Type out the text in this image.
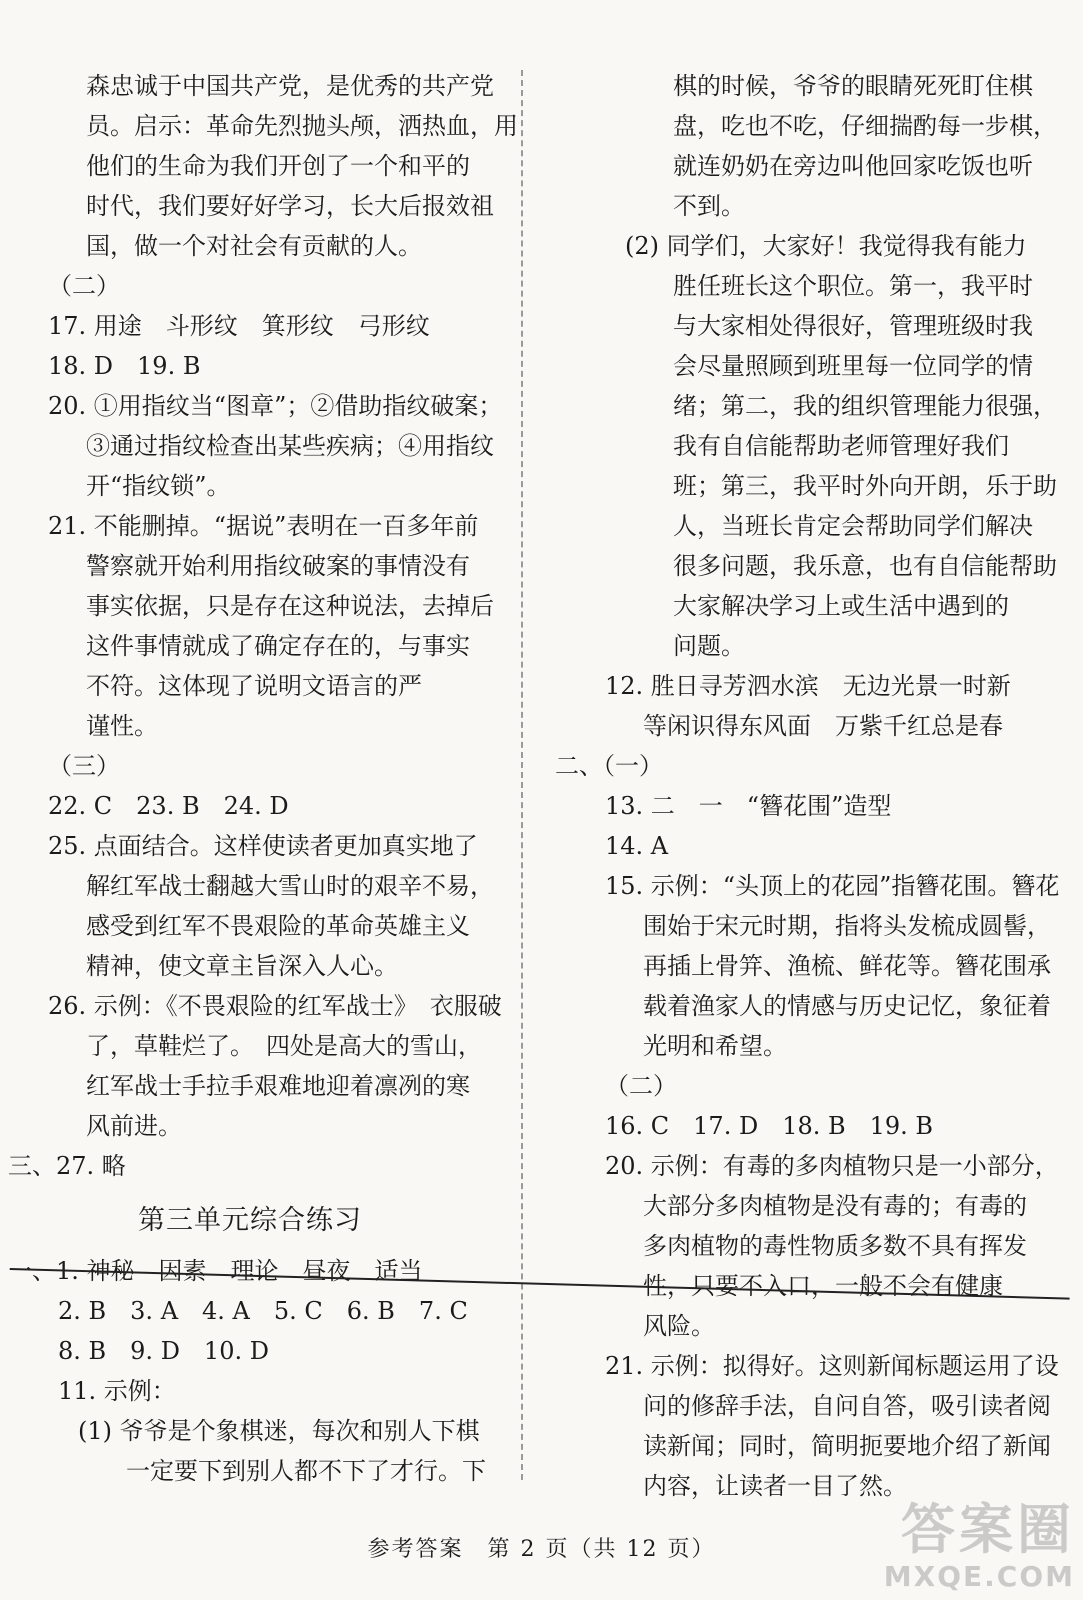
森忠诚于中国共产党，是优秀的共产党
员。启示：革命先烈抛头颅，洒热血，用
他们的生命为我们开创了一个和平的
时代，我们要好好学习，长大后报效祖
国，做一个对社会有贡献的人。
（二）
17. 用途　斗形纹　箕形纹　弓形纹
18. D　19. B
20. ①用指纹当“图章”；②借助指纹破案；
③通过指纹检查出某些疾病；④用指纹
开“指纹锁”。
21. 不能删掉。“据说”表明在一百多年前
警察就开始利用指纹破案的事情没有
事实依据，只是存在这种说法，去掉后
这件事情就成了确定存在的，与事实
不符。这体现了说明文语言的严
谨性。
（三）
22. C　23. B　24. D
25. 点面结合。这样使读者更加真实地了
解红军战士翻越大雪山时的艰辛不易，
感受到红军不畏艰险的革命英雄主义
精神，使文章主旨深入人心。
26. 示例：《不畏艰险的红军战士》　衣服破
了，草鞋烂了。　四处是高大的雪山，
红军战士手拉手艰难地迎着凛冽的寒
风前进。
三、27. 略
一、1. 神秘　因素　理论　昼夜　适当
2. B　3. A　4. A　5. C　6. B　7. C
8. B　9. D　10. D
11. 示例：
(1) 爷爷是个象棋迷，每次和别人下棋
一定要下到别人都不下了才行。下
棋的时候，爷爷的眼睛死死盯住棋
盘，吃也不吃，仔细揣酌每一步棋，
就连奶奶在旁边叫他回家吃饭也听
不到。
(2) 同学们，大家好！我觉得我有能力
胜任班长这个职位。第一，我平时
与大家相处得很好，管理班级时我
会尽量照顾到班里每一位同学的情
绪；第二，我的组织管理能力很强，
我有自信能帮助老师管理好我们
班；第三，我平时外向开朗，乐于助
人，当班长肯定会帮助同学们解决
很多问题，我乐意，也有自信能帮助
大家解决学习上或生活中遇到的
问题。
12. 胜日寻芳泗水滨　无边光景一时新
等闲识得东风面　万紫千红总是春
二、（一）
13. 二　一　“簪花围”造型
14. A
15. 示例：“头顶上的花园”指簪花围。簪花
围始于宋元时期，指将头发梳成圆髻，
再插上骨笄、渔梳、鲜花等。簪花围承
载着渔家人的情感与历史记忆，象征着
光明和希望。
（二）
16. C　17. D　18. B　19. B
20. 示例：有毒的多肉植物只是一小部分，
大部分多肉植物是没有毒的；有毒的
多肉植物的毒性物质多数不具有挥发
性，只要不入口，一般不会有健康
风险。
21. 示例：拟得好。这则新闻标题运用了设
问的修辞手法，自问自答，吸引读者阅
读新闻；同时，简明扼要地介绍了新闻
内容，让读者一目了然。
第三单元综合练习
参考答案　第 2 页（共 12 页）	答案圈
MXQE.COM
